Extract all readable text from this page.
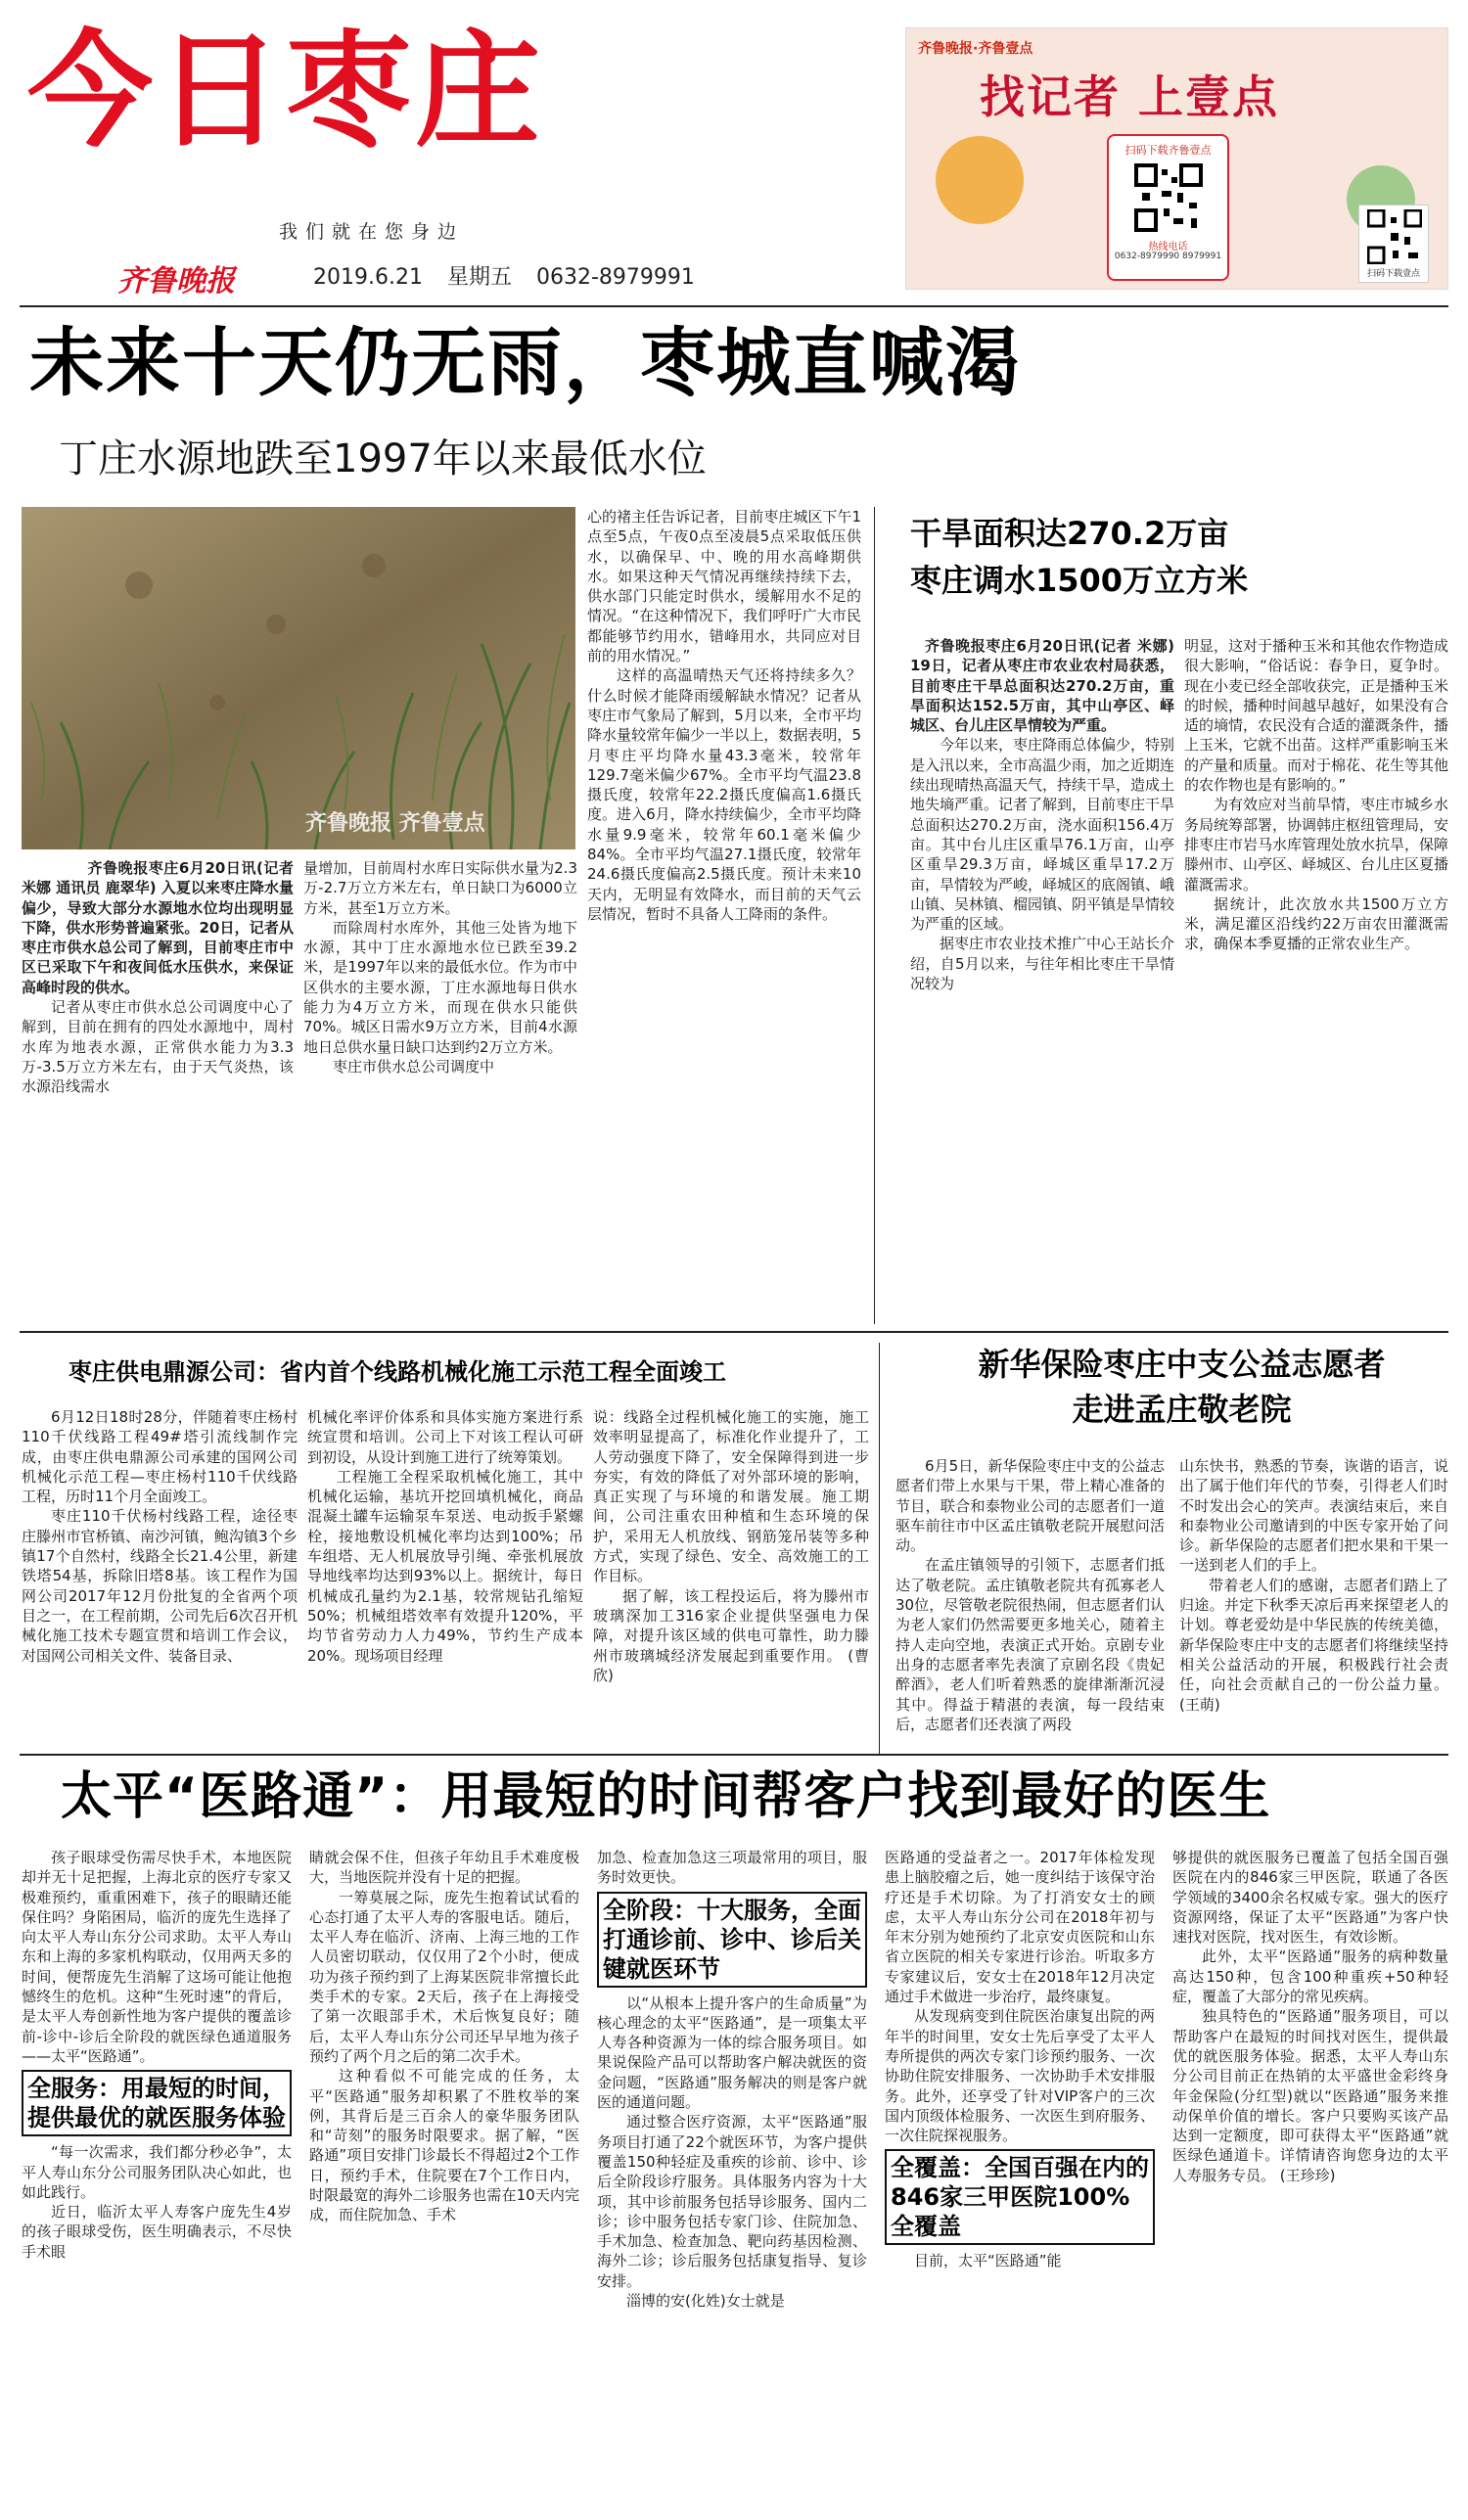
今日枣庄
我们就在您身边
齐鲁晚报	2019.6.21 星期五 0632-8979991
齐鲁晚报·齐鲁壹点
找记者 上壹点
扫码下载齐鲁壹点
热线电话
0632-8979990 8979991
扫码下载壹点
未来十天仍无雨，枣城直喊渴
丁庄水源地跌至1997年以来最低水位
齐鲁晚报 齐鲁壹点

齐鲁晚报枣庄6月20日讯(记者 米娜 通讯员 鹿翠华) 入夏以来枣庄降水量偏少，导致大部分水源地水位均出现明显下降，供水形势普遍紧张。20日，记者从枣庄市供水总公司了解到，目前枣庄市中区已采取下午和夜间低水压供水，来保证高峰时段的供水。

记者从枣庄市供水总公司调度中心了解到，目前在拥有的四处水源地中，周村水库为地表水源，正常供水能力为3.3万-3.5万立方米左右，由于天气炎热，该水源沿线需水

量增加，目前周村水库日实际供水量为2.3万-2.7万立方米左右，单日缺口为6000立方米，甚至1万立方米。

而除周村水库外，其他三处皆为地下水源，其中丁庄水源地水位已跌至39.2米，是1997年以来的最低水位。作为市中区供水的主要水源，丁庄水源地每日供水能力为4万立方米，而现在供水只能供70%。城区日需水9万立方米，目前4水源地日总供水量日缺口达到约2万立方米。

枣庄市供水总公司调度中

心的褚主任告诉记者，目前枣庄城区下午1点至5点，午夜0点至凌晨5点采取低压供水，以确保早、中、晚的用水高峰期供水。如果这种天气情况再继续持续下去，供水部门只能定时供水，缓解用水不足的情况。“在这种情况下，我们呼吁广大市民都能够节约用水，错峰用水，共同应对目前的用水情况。”

这样的高温晴热天气还将持续多久？什么时候才能降雨缓解缺水情况？记者从枣庄市气象局了解到，5月以来，全市平均降水量较常年偏少一半以上，数据表明，5月枣庄平均降水量43.3毫米，较常年129.7毫米偏少67%。全市平均气温23.8摄氏度，较常年22.2摄氏度偏高1.6摄氏度。进入6月，降水持续偏少，全市平均降水量9.9毫米，较常年60.1毫米偏少84%。全市平均气温27.1摄氏度，较常年24.6摄氏度偏高2.5摄氏度。预计未来10天内，无明显有效降水，而目前的天气云层情况，暂时不具备人工降雨的条件。

干旱面积达270.2万亩
枣庄调水1500万立方米

齐鲁晚报枣庄6月20日讯(记者 米娜) 19日，记者从枣庄市农业农村局获悉，目前枣庄干旱总面积达270.2万亩，重旱面积达152.5万亩，其中山亭区、峄城区、台儿庄区旱情较为严重。

今年以来，枣庄降雨总体偏少，特别是入汛以来，全市高温少雨，加之近期连续出现晴热高温天气，持续干旱，造成土地失墒严重。记者了解到，目前枣庄干旱总面积达270.2万亩，浇水面积156.4万亩。其中台儿庄区重旱76.1万亩，山亭区重旱29.3万亩，峄城区重旱17.2万亩，旱情较为严峻，峄城区的底阁镇、峨山镇、吴林镇、榴园镇、阴平镇是旱情较为严重的区域。

据枣庄市农业技术推广中心王站长介绍，自5月以来，与往年相比枣庄干旱情况较为

明显，这对于播种玉米和其他农作物造成很大影响，“俗话说：春争日，夏争时。现在小麦已经全部收获完，正是播种玉米的时候，播种时间越早越好，如果没有合适的墒情，农民没有合适的灌溉条件，播上玉米，它就不出苗。这样严重影响玉米的产量和质量。而对于棉花、花生等其他的农作物也是有影响的。”

为有效应对当前旱情，枣庄市城乡水务局统筹部署，协调韩庄枢纽管理局，安排枣庄市岩马水库管理处放水抗旱，保障滕州市、山亭区、峄城区、台儿庄区夏播灌溉需求。

据统计，此次放水共1500万立方米，满足灌区沿线约22万亩农田灌溉需求，确保本季夏播的正常农业生产。

枣庄供电鼎源公司：省内首个线路机械化施工示范工程全面竣工

6月12日18时28分，伴随着枣庄杨村110千伏线路工程49#塔引流线制作完成，由枣庄供电鼎源公司承建的国网公司机械化示范工程—枣庄杨村110千伏线路工程，历时11个月全面竣工。

枣庄110千伏杨村线路工程，途径枣庄滕州市官桥镇、南沙河镇，鲍沟镇3个乡镇17个自然村，线路全长21.4公里，新建铁塔54基，拆除旧塔8基。该工程作为国网公司2017年12月份批复的全省两个项目之一，在工程前期，公司先后6次召开机械化施工技术专题宣贯和培训工作会议，对国网公司相关文件、装备目录、

机械化率评价体系和具体实施方案进行系统宣贯和培训。公司上下对该工程认可研到初设，从设计到施工进行了统筹策划。

工程施工全程采取机械化施工，其中机械化运输，基坑开挖回填机械化，商品混凝土罐车运输泵车泵送、电动扳手紧螺栓，接地敷设机械化率均达到100%；吊车组塔、无人机展放导引绳、牵张机展放导地线率均达到93%以上。据统计，每日机械成孔量约为2.1基，较常规钻孔缩短50%；机械组塔效率有效提升120%，平均节省劳动力人力49%，节约生产成本20%。现场项目经理

说：线路全过程机械化施工的实施，施工效率明显提高了，标准化作业提升了，工人劳动强度下降了，安全保障得到进一步夯实，有效的降低了对外部环境的影响，真正实现了与环境的和谐发展。施工期间，公司注重农田种植和生态环境的保护，采用无人机放线、钢筋笼吊装等多种方式，实现了绿色、安全、高效施工的工作目标。

据了解，该工程投运后，将为滕州市玻璃深加工316家企业提供坚强电力保障，对提升该区域的供电可靠性，助力滕州市玻璃城经济发展起到重要作用。 (曹欣)

新华保险枣庄中支公益志愿者
走进孟庄敬老院

6月5日，新华保险枣庄中支的公益志愿者们带上水果与干果，带上精心准备的节目，联合和泰物业公司的志愿者们一道驱车前往市中区孟庄镇敬老院开展慰问活动。

在孟庄镇领导的引领下，志愿者们抵达了敬老院。孟庄镇敬老院共有孤寡老人30位，尽管敬老院很热闹，但志愿者们认为老人家们仍然需要更多地关心，随着主持人走向空地，表演正式开始。京剧专业出身的志愿者率先表演了京剧名段《贵妃醉酒》，老人们听着熟悉的旋律渐渐沉浸其中。得益于精湛的表演，每一段结束后，志愿者们还表演了两段

山东快书，熟悉的节奏，诙谐的语言，说出了属于他们年代的节奏，引得老人们时不时发出会心的笑声。表演结束后，来自和泰物业公司邀请到的中医专家开始了问诊。新华保险的志愿者们把水果和干果一一送到老人们的手上。

带着老人们的感谢，志愿者们踏上了归途。并定下秋季天凉后再来探望老人的计划。尊老爱幼是中华民族的传统美德，新华保险枣庄中支的志愿者们将继续坚持相关公益活动的开展，积极践行社会责任，向社会贡献自己的一份公益力量。 (王萌)

太平“医路通”：用最短的时间帮客户找到最好的医生

孩子眼球受伤需尽快手术，本地医院却并无十足把握，上海北京的医疗专家又极难预约，重重困难下，孩子的眼睛还能保住吗？身陷困局，临沂的庞先生选择了向太平人寿山东分公司求助。太平人寿山东和上海的多家机构联动，仅用两天多的时间，便帮庞先生消解了这场可能让他抱憾终生的危机。这种“生死时速”的背后，是太平人寿创新性地为客户提供的覆盖诊前-诊中-诊后全阶段的就医绿色通道服务——太平“医路通”。

全服务：用最短的时间，提供最优的就医服务体验

“每一次需求，我们都分秒必争”，太平人寿山东分公司服务团队决心如此，也如此践行。

近日，临沂太平人寿客户庞先生4岁的孩子眼球受伤，医生明确表示，不尽快手术眼

睛就会保不住，但孩子年幼且手术难度极大，当地医院并没有十足的把握。

一筹莫展之际，庞先生抱着试试看的心态打通了太平人寿的客服电话。随后，太平人寿在临沂、济南、上海三地的工作人员密切联动，仅仅用了2个小时，便成功为孩子预约到了上海某医院非常擅长此类手术的专家。2天后，孩子在上海接受了第一次眼部手术，术后恢复良好；随后，太平人寿山东分公司还早早地为孩子预约了两个月之后的第二次手术。

这种看似不可能完成的任务，太平“医路通”服务却积累了不胜枚举的案例，其背后是三百余人的豪华服务团队和“苛刻”的服务时限要求。据了解，“医路通”项目安排门诊最长不得超过2个工作日，预约手术，住院要在7个工作日内，时限最宽的海外二诊服务也需在10天内完成，而住院加急、手术

加急、检查加急这三项最常用的项目，服务时效更快。

全阶段：十大服务，全面打通诊前、诊中、诊后关键就医环节

以“从根本上提升客户的生命质量”为核心理念的太平“医路通”，是一项集太平人寿各种资源为一体的综合服务项目。如果说保险产品可以帮助客户解决就医的资金问题，“医路通”服务解决的则是客户就医的通道问题。

通过整合医疗资源，太平“医路通”服务项目打通了22个就医环节，为客户提供覆盖150种轻症及重疾的诊前、诊中、诊后全阶段诊疗服务。具体服务内容为十大项，其中诊前服务包括导诊服务、国内二诊；诊中服务包括专家门诊、住院加急、手术加急、检查加急、靶向药基因检测、海外二诊；诊后服务包括康复指导、复诊安排。

淄博的安(化姓)女士就是

医路通的受益者之一。2017年体检发现患上脑胶瘤之后，她一度纠结于该保守治疗还是手术切除。为了打消安女士的顾虑，太平人寿山东分公司在2018年初与年末分别为她预约了北京安贞医院和山东省立医院的相关专家进行诊治。听取多方专家建议后，安女士在2018年12月决定通过手术做进一步治疗，最终康复。

从发现病变到住院医治康复出院的两年半的时间里，安女士先后享受了太平人寿所提供的两次专家门诊预约服务、一次协助住院安排服务、一次协助手术安排服务。此外，还享受了针对VIP客户的三次国内顶级体检服务、一次医生到府服务、一次住院探视服务。

全覆盖：全国百强在内的846家三甲医院100%全覆盖

目前，太平“医路通”能

够提供的就医服务已覆盖了包括全国百强医院在内的846家三甲医院，联通了各医学领域的3400余名权威专家。强大的医疗资源网络，保证了太平“医路通”为客户快速找对医院，找对医生，有效诊断。

此外，太平“医路通”服务的病种数量高达150种，包含100种重疾+50种轻症，覆盖了大部分的常见疾病。

独具特色的“医路通”服务项目，可以帮助客户在最短的时间找对医生，提供最优的就医服务体验。据悉，太平人寿山东分公司目前正在热销的太平盛世金彩终身年金保险(分红型)就以“医路通”服务来推动保单价值的增长。客户只要购买该产品达到一定额度，即可获得太平“医路通”就医绿色通道卡。详情请咨询您身边的太平人寿服务专员。 (王珍珍)
